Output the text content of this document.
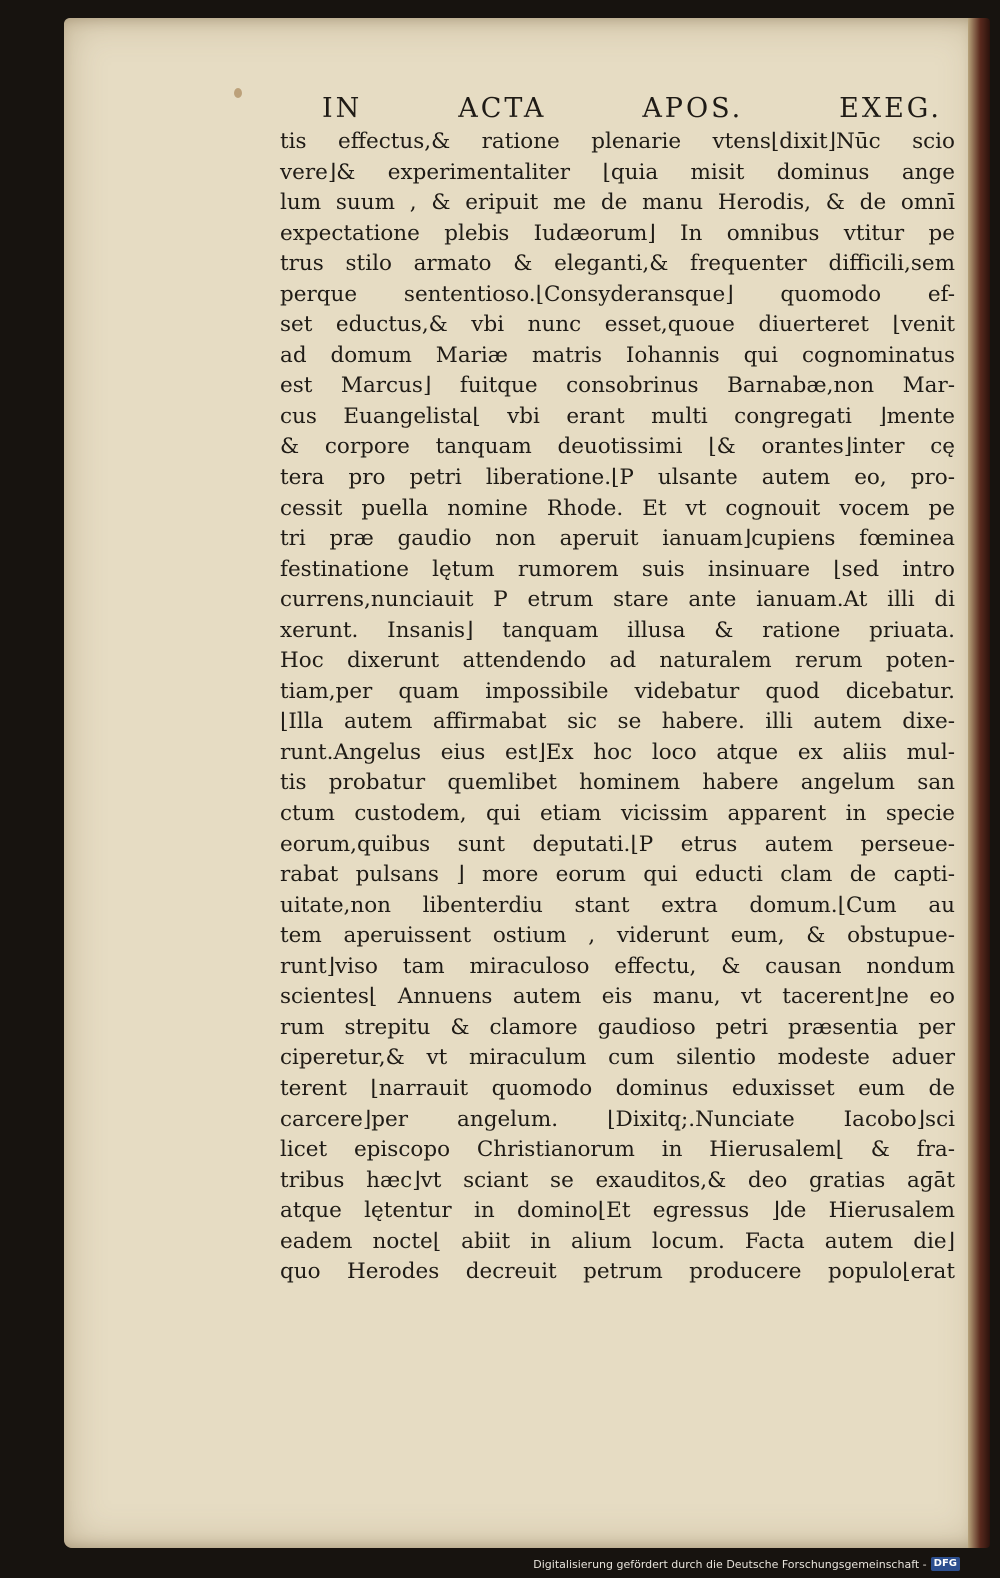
IN	ACTA	APOS.	EXEG.
tis effectus,& ratione plenarie vtens⌊dixit⌋Nūc scio
vere⌋& experimentaliter ⌊quia misit dominus ange
lum suum , & eripuit me de manu Herodis, & de omnī
expectatione plebis Iudæorum⌋ In omnibus vtitur pe
trus stilo armato & eleganti,& frequenter difficili,sem
perque sententioso.⌊Consyderansque⌋ quomodo ef-
set eductus,& vbi nunc esset,quoue diuerteret ⌊venit
ad domum Mariæ matris Iohannis qui cognominatus
est Marcus⌋ fuitque consobrinus Barnabæ,non Mar-
cus Euangelista⌊ vbi erant multi congregati ⌋mente
& corpore tanquam deuotissimi ⌊& orantes⌋inter cę
tera pro petri liberatione.⌊P ulsante autem eo, pro-
cessit puella nomine Rhode. Et vt cognouit vocem pe
tri præ gaudio non aperuit ianuam⌋cupiens fœminea
festinatione lętum rumorem suis insinuare ⌊sed intro
currens,nunciauit P etrum stare ante ianuam.At illi di
xerunt. Insanis⌋ tanquam illusa & ratione priuata.
Hoc dixerunt attendendo ad naturalem rerum poten-
tiam,per quam impossibile videbatur quod dicebatur.
⌊Illa autem affirmabat sic se habere. illi autem dixe-
runt.Angelus eius est⌋Ex hoc loco atque ex aliis mul-
tis probatur quemlibet hominem habere angelum san
ctum custodem, qui etiam vicissim apparent in specie
eorum,quibus sunt deputati.⌊P etrus autem perseue-
rabat pulsans ⌋ more eorum qui educti clam de capti-
uitate,non libenterdiu stant extra domum.⌊Cum au
tem aperuissent ostium , viderunt eum, & obstupue-
runt⌋viso tam miraculoso effectu, & causan nondum
scientes⌊ Annuens autem eis manu, vt tacerent⌋ne eo
rum strepitu & clamore gaudioso petri præsentia per
ciperetur,& vt miraculum cum silentio modeste aduer
terent ⌊narrauit quomodo dominus eduxisset eum de
carcere⌋per angelum. ⌊Dixitq;.Nunciate Iacobo⌋sci
licet episcopo Christianorum in Hierusalem⌊ & fra-
tribus hæc⌋vt sciant se exauditos,& deo gratias agāt
atque lętentur in domino⌊Et egressus ⌋de Hierusalem
eadem nocte⌊ abiit in alium locum. Facta autem die⌋
quo Herodes decreuit petrum producere populo⌊erat
Digitalisierung gefördert durch die Deutsche Forschungsgemeinschaft - DFG
